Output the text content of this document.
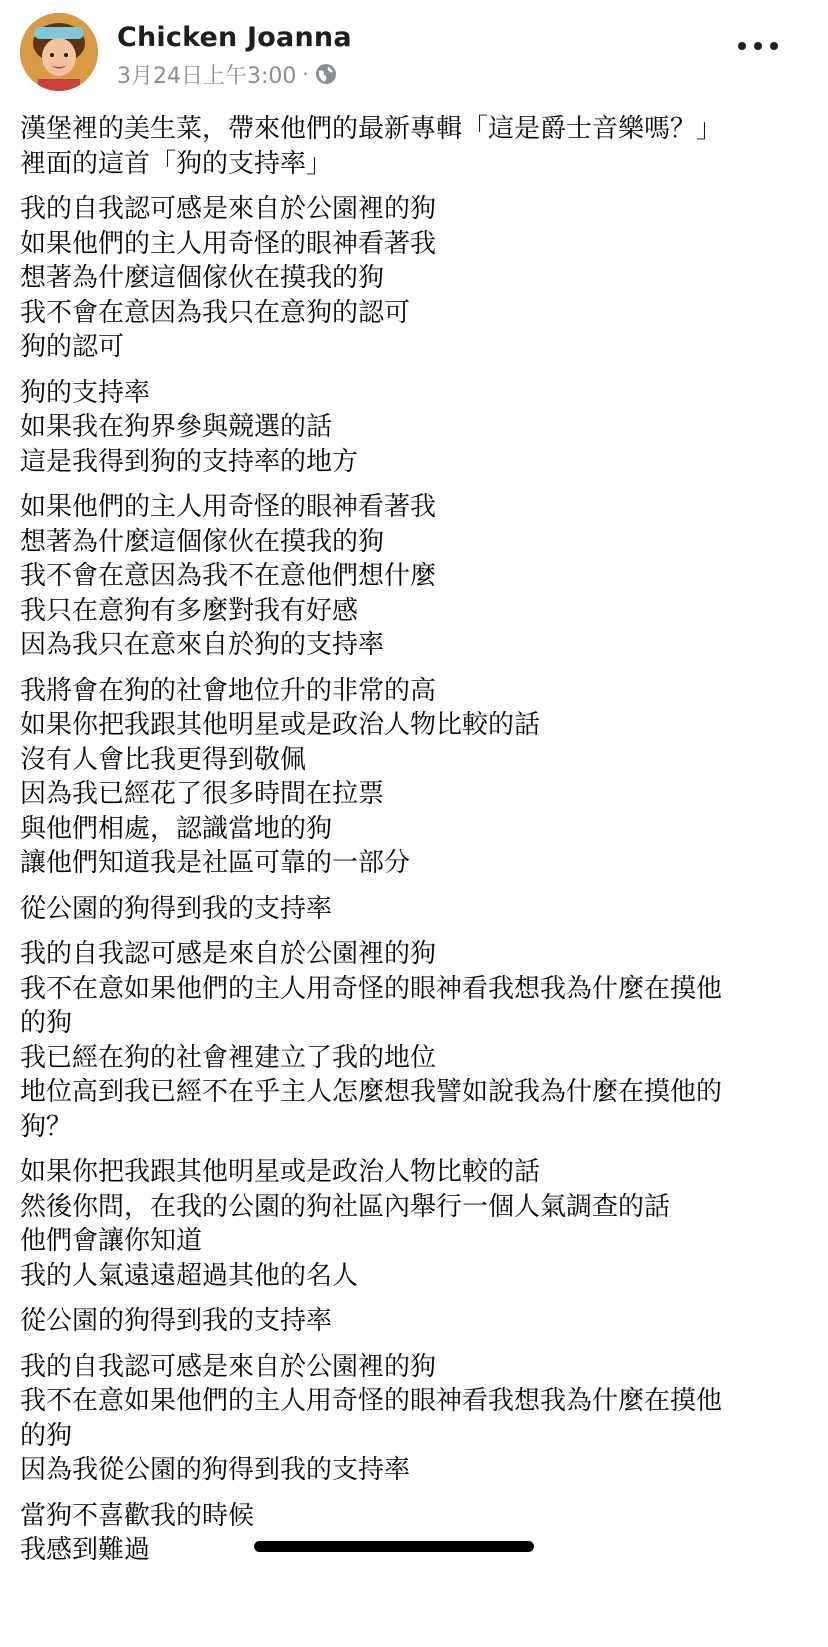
Chicken Joanna
3月24日上午3:00 ·
漢堡裡的美生菜，帶來他們的最新專輯「這是爵士音樂嗎？」
裡面的這首「狗的支持率」
我的自我認可感是來自於公園裡的狗
如果他們的主人用奇怪的眼神看著我
想著為什麼這個傢伙在摸我的狗
我不會在意因為我只在意狗的認可
狗的認可
狗的支持率
如果我在狗界參與競選的話
這是我得到狗的支持率的地方
如果他們的主人用奇怪的眼神看著我
想著為什麼這個傢伙在摸我的狗
我不會在意因為我不在意他們想什麼
我只在意狗有多麼對我有好感
因為我只在意來自於狗的支持率
我將會在狗的社會地位升的非常的高
如果你把我跟其他明星或是政治人物比較的話
沒有人會比我更得到敬佩
因為我已經花了很多時間在拉票
與他們相處，認識當地的狗
讓他們知道我是社區可靠的一部分
從公園的狗得到我的支持率
我的自我認可感是來自於公園裡的狗
我不在意如果他們的主人用奇怪的眼神看我想我為什麼在摸他
的狗
我已經在狗的社會裡建立了我的地位
地位高到我已經不在乎主人怎麼想我譬如說我為什麼在摸他的
狗？
如果你把我跟其他明星或是政治人物比較的話
然後你問，在我的公園的狗社區內舉行一個人氣調查的話
他們會讓你知道
我的人氣遠遠超過其他的名人
從公園的狗得到我的支持率
我的自我認可感是來自於公園裡的狗
我不在意如果他們的主人用奇怪的眼神看我想我為什麼在摸他
的狗
因為我從公園的狗得到我的支持率
當狗不喜歡我的時候
我感到難過
